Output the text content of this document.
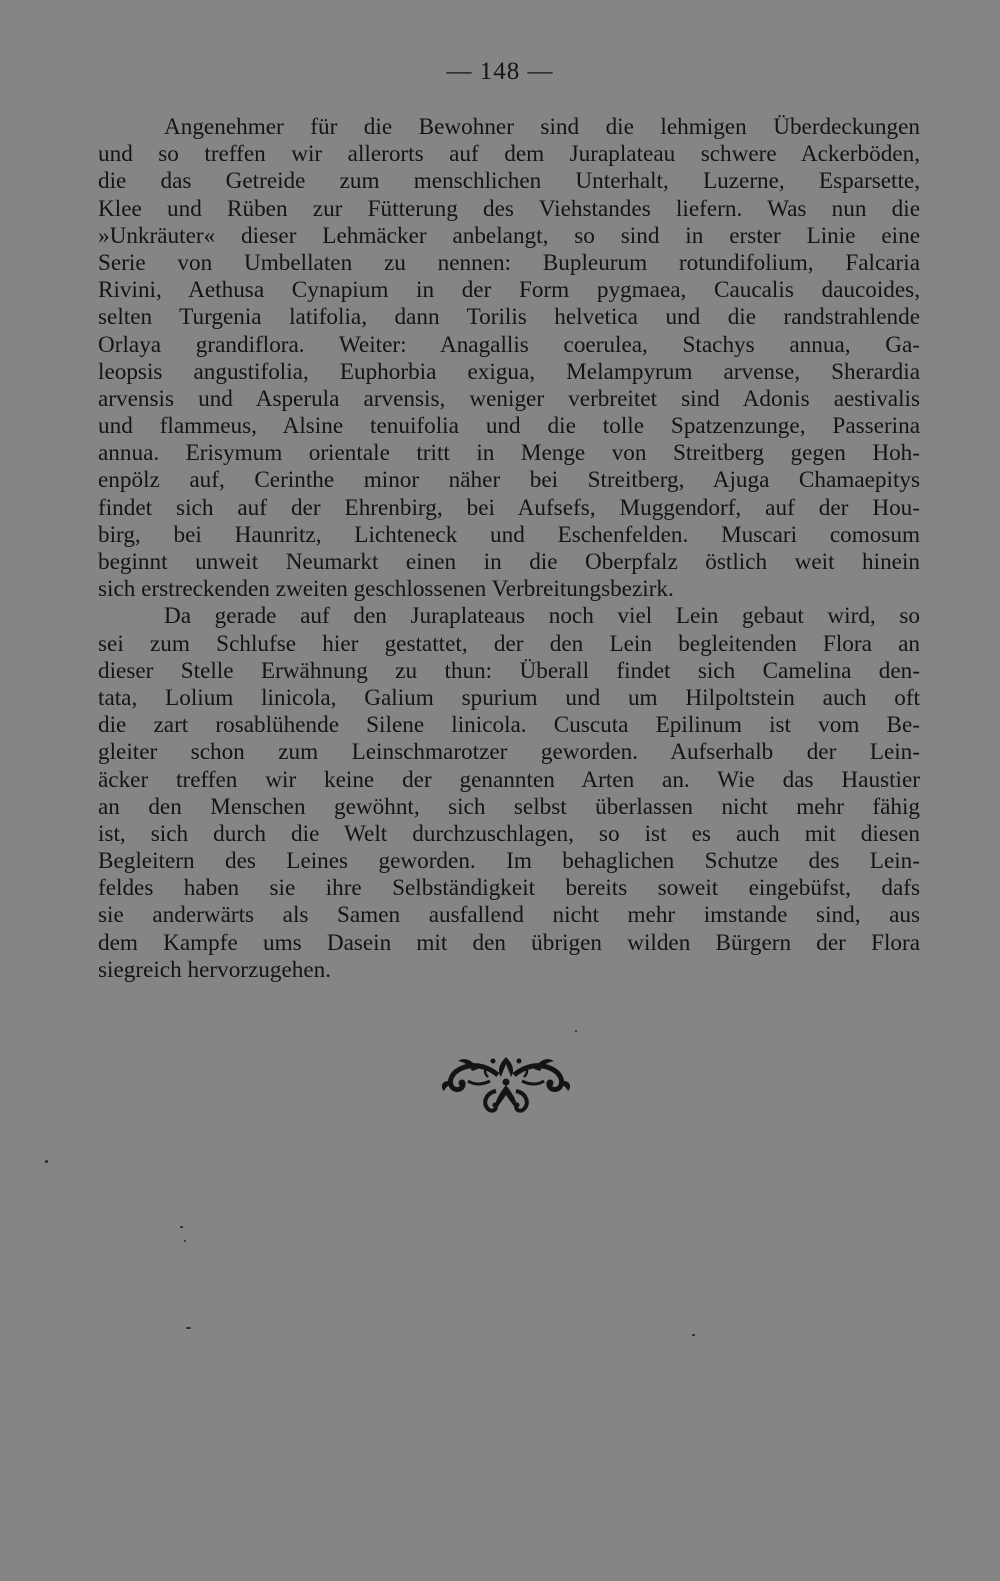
— 148 —
Angenehmer für die Bewohner sind die lehmigen Überdeckungen
und so treffen wir allerorts auf dem Juraplateau schwere Ackerböden,
die das Getreide zum menschlichen Unterhalt, Luzerne, Esparsette,
Klee und Rüben zur Fütterung des Viehstandes liefern. Was nun die
»Unkräuter« dieser Lehmäcker anbelangt, so sind in erster Linie eine
Serie von Umbellaten zu nennen: Bupleurum rotundifolium, Falcaria
Rivini, Aethusa Cynapium in der Form pygmaea, Caucalis daucoides,
selten Turgenia latifolia, dann Torilis helvetica und die randstrahlende
Orlaya grandiflora. Weiter: Anagallis coerulea, Stachys annua, Ga-
leopsis angustifolia, Euphorbia exigua, Melampyrum arvense, Sherardia
arvensis und Asperula arvensis, weniger verbreitet sind Adonis aestivalis
und flammeus, Alsine tenuifolia und die tolle Spatzenzunge, Passerina
annua. Erisymum orientale tritt in Menge von Streitberg gegen Hoh-
enpölz auf, Cerinthe minor näher bei Streitberg, Ajuga Chamaepitys
findet sich auf der Ehrenbirg, bei Aufsefs, Muggendorf, auf der Hou-
birg, bei Haunritz, Lichteneck und Eschenfelden. Muscari comosum
beginnt unweit Neumarkt einen in die Oberpfalz östlich weit hinein
sich erstreckenden zweiten geschlossenen Verbreitungsbezirk.
Da gerade auf den Juraplateaus noch viel Lein gebaut wird, so
sei zum Schlufse hier gestattet, der den Lein begleitenden Flora an
dieser Stelle Erwähnung zu thun: Überall findet sich Camelina den-
tata, Lolium linicola, Galium spurium und um Hilpoltstein auch oft
die zart rosablühende Silene linicola. Cuscuta Epilinum ist vom Be-
gleiter schon zum Leinschmarotzer geworden. Aufserhalb der Lein-
äcker treffen wir keine der genannten Arten an. Wie das Haustier
an den Menschen gewöhnt, sich selbst überlassen nicht mehr fähig
ist, sich durch die Welt durchzuschlagen, so ist es auch mit diesen
Begleitern des Leines geworden. Im behaglichen Schutze des Lein-
feldes haben sie ihre Selbständigkeit bereits soweit eingebüfst, dafs
sie anderwärts als Samen ausfallend nicht mehr imstande sind, aus
dem Kampfe ums Dasein mit den übrigen wilden Bürgern der Flora
siegreich hervorzugehen.
